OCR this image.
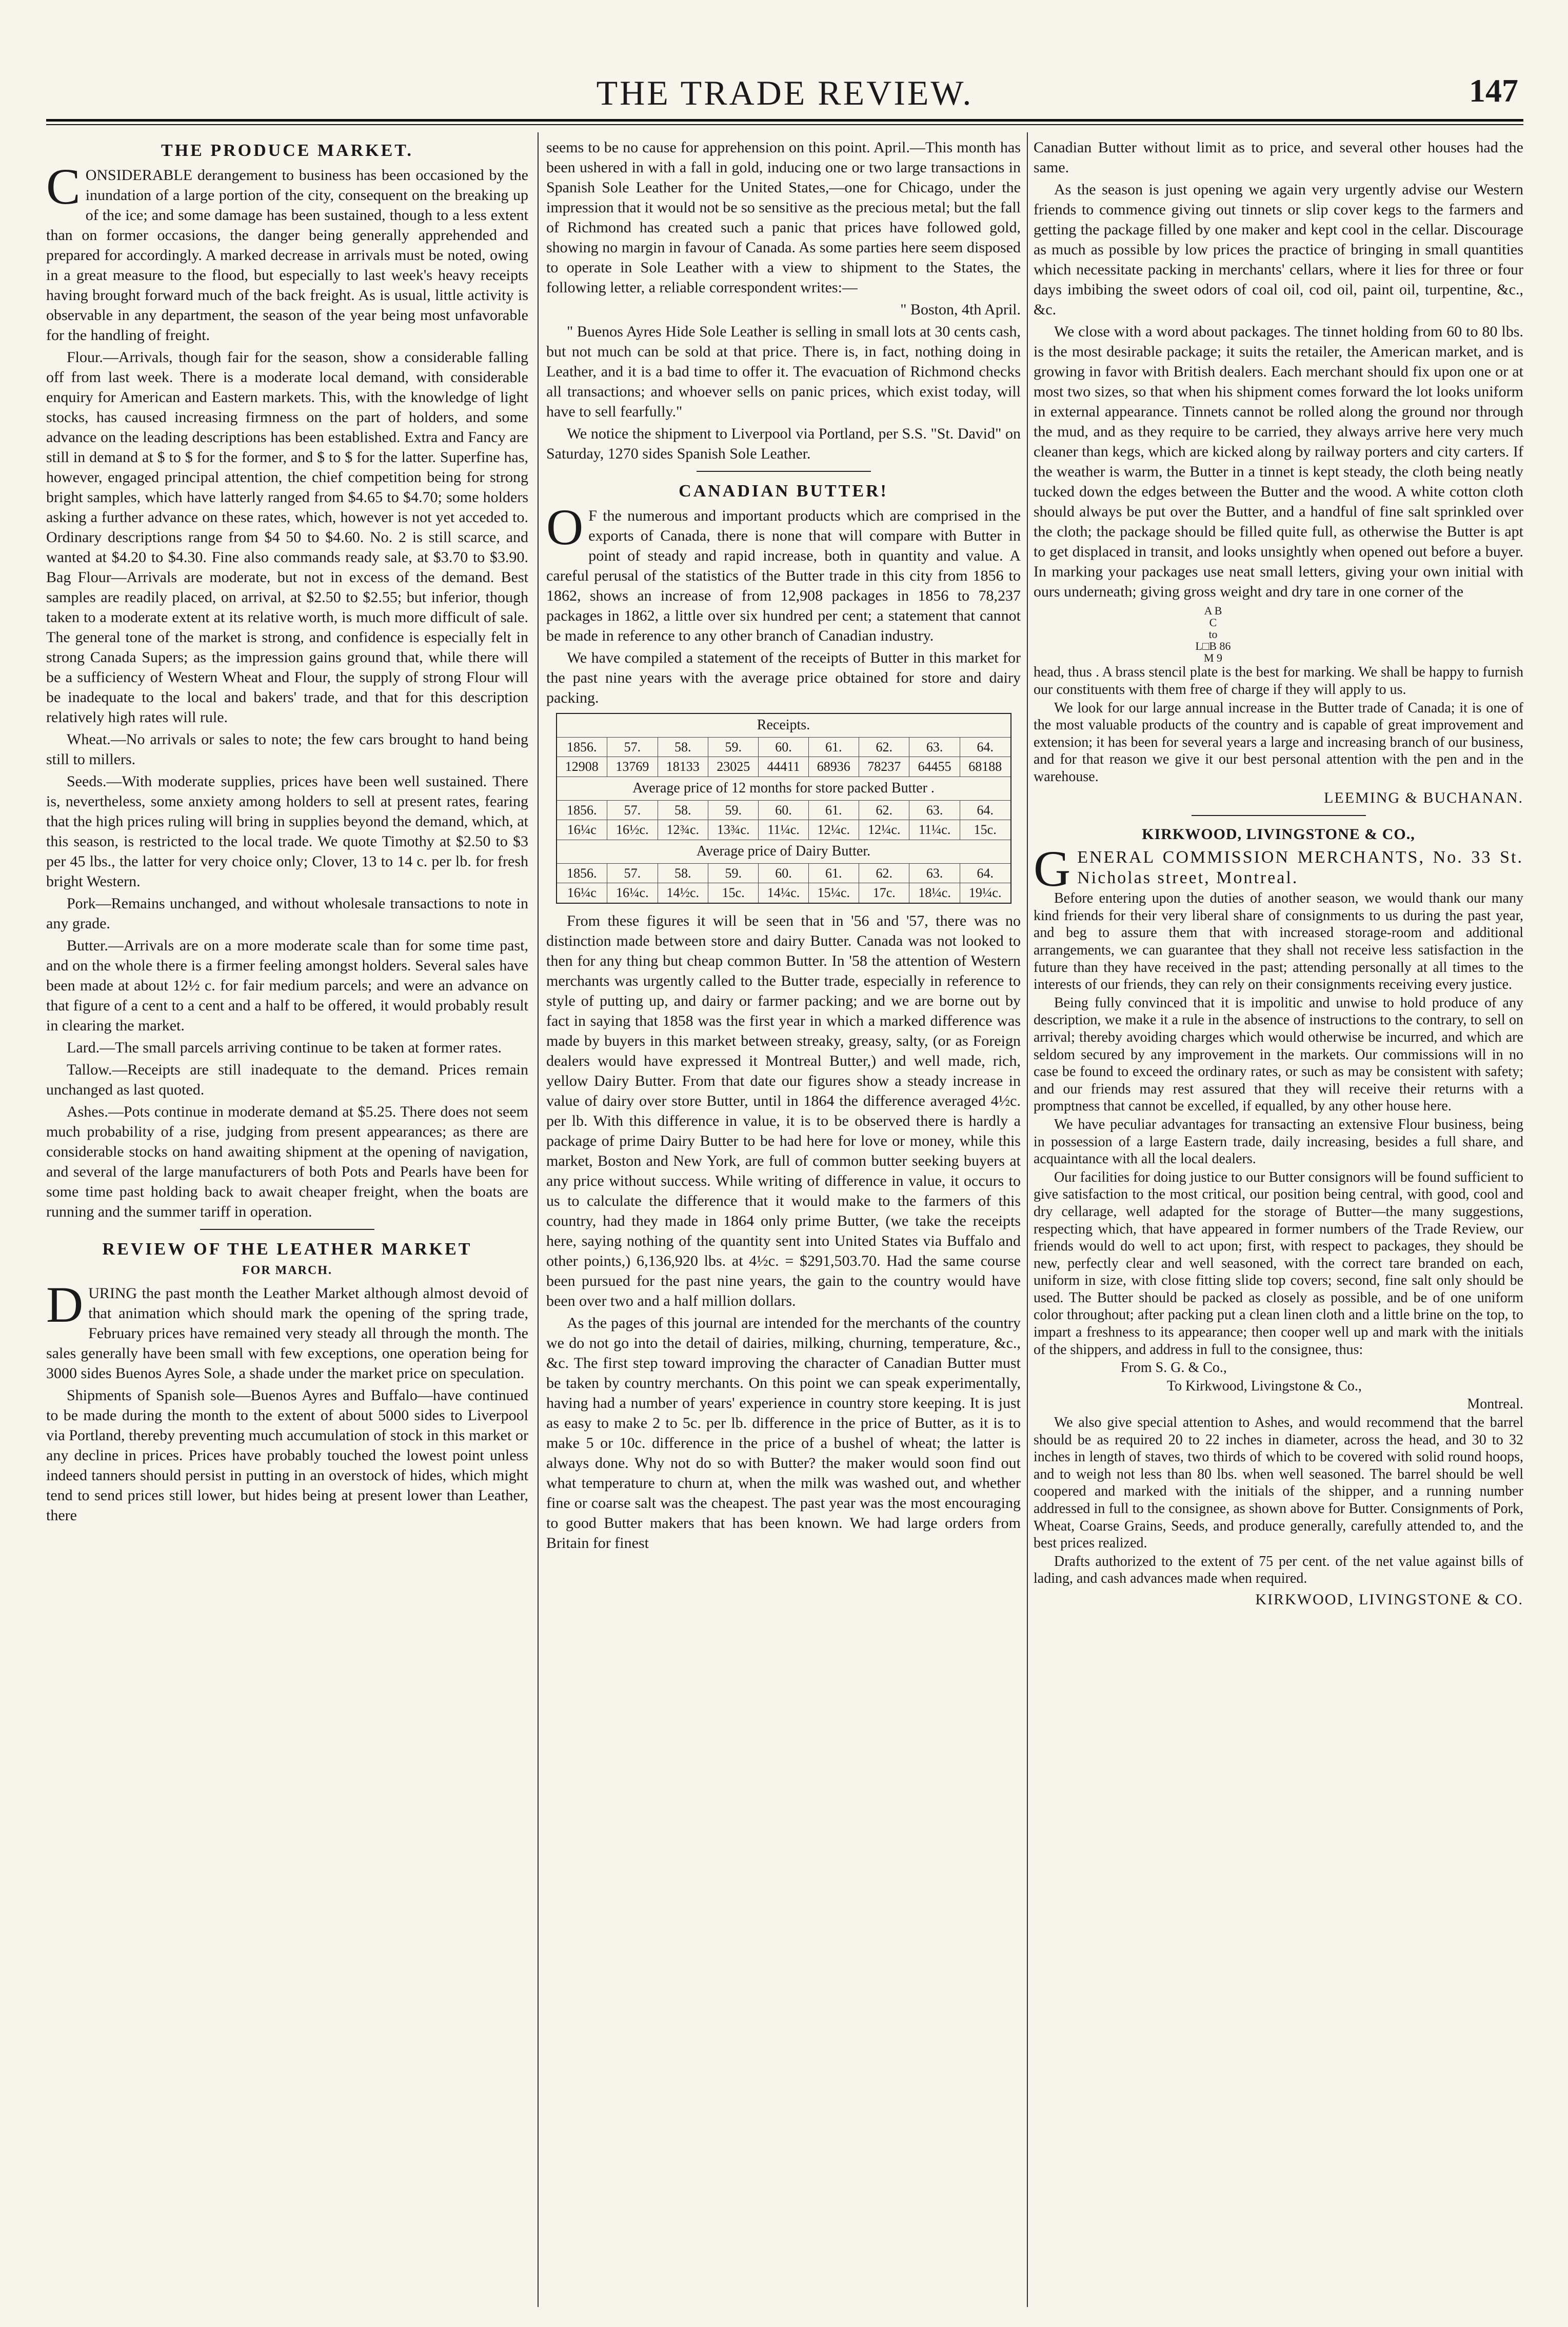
THE TRADE REVIEW.	147
THE PRODUCE MARKET.

CONSIDERABLE derangement to business has been occasioned by the inundation of a large portion of the city, consequent on the breaking up of the ice; and some damage has been sustained, though to a less extent than on former occasions, the danger being generally apprehended and prepared for accordingly. A marked decrease in arrivals must be noted, owing in a great measure to the flood, but especially to last week's heavy receipts having brought forward much of the back freight. As is usual, little activity is observable in any department, the season of the year being most unfavorable for the handling of freight.

Flour.—Arrivals, though fair for the season, show a considerable falling off from last week. There is a moderate local demand, with considerable enquiry for American and Eastern markets. This, with the knowledge of light stocks, has caused increasing firmness on the part of holders, and some advance on the leading descriptions has been established. Extra and Fancy are still in demand at $ to $ for the former, and $ to $ for the latter. Superfine has, however, engaged principal attention, the chief competition being for strong bright samples, which have latterly ranged from $4.65 to $4.70; some holders asking a further advance on these rates, which, however is not yet acceded to. Ordinary descriptions range from $4 50 to $4.60. No. 2 is still scarce, and wanted at $4.20 to $4.30. Fine also commands ready sale, at $3.70 to $3.90. Bag Flour—Arrivals are moderate, but not in excess of the demand. Best samples are readily placed, on arrival, at $2.50 to $2.55; but inferior, though taken to a moderate extent at its relative worth, is much more difficult of sale. The general tone of the market is strong, and confidence is especially felt in strong Canada Supers; as the impression gains ground that, while there will be a sufficiency of Western Wheat and Flour, the supply of strong Flour will be inadequate to the local and bakers' trade, and that for this description relatively high rates will rule.

Wheat.—No arrivals or sales to note; the few cars brought to hand being still to millers.

Seeds.—With moderate supplies, prices have been well sustained. There is, nevertheless, some anxiety among holders to sell at present rates, fearing that the high prices ruling will bring in supplies beyond the demand, which, at this season, is restricted to the local trade. We quote Timothy at $2.50 to $3 per 45 lbs., the latter for very choice only; Clover, 13 to 14 c. per lb. for fresh bright Western.

Pork—Remains unchanged, and without wholesale transactions to note in any grade.

Butter.—Arrivals are on a more moderate scale than for some time past, and on the whole there is a firmer feeling amongst holders. Several sales have been made at about 12½ c. for fair medium parcels; and were an advance on that figure of a cent to a cent and a half to be offered, it would probably result in clearing the market.

Lard.—The small parcels arriving continue to be taken at former rates.

Tallow.—Receipts are still inadequate to the demand. Prices remain unchanged as last quoted.

Ashes.—Pots continue in moderate demand at $5.25. There does not seem much probability of a rise, judging from present appearances; as there are considerable stocks on hand awaiting shipment at the opening of navigation, and several of the large manufacturers of both Pots and Pearls have been for some time past holding back to await cheaper freight, when the boats are running and the summer tariff in operation.

REVIEW OF THE LEATHER MARKET
FOR MARCH.

DURING the past month the Leather Market although almost devoid of that animation which should mark the opening of the spring trade, February prices have remained very steady all through the month. The sales generally have been small with few exceptions, one operation being for 3000 sides Buenos Ayres Sole, a shade under the market price on speculation.

Shipments of Spanish sole—Buenos Ayres and Buffalo—have continued to be made during the month to the extent of about 5000 sides to Liverpool via Portland, thereby preventing much accumulation of stock in this market or any decline in prices. Prices have probably touched the lowest point unless indeed tanners should persist in putting in an overstock of hides, which might tend to send prices still lower, but hides being at present lower than Leather, there

seems to be no cause for apprehension on this point. April.—This month has been ushered in with a fall in gold, inducing one or two large transactions in Spanish Sole Leather for the United States,—one for Chicago, under the impression that it would not be so sensitive as the precious metal; but the fall of Richmond has created such a panic that prices have followed gold, showing no margin in favour of Canada. As some parties here seem disposed to operate in Sole Leather with a view to shipment to the States, the following letter, a reliable correspondent writes:—

" Boston, 4th April.

" Buenos Ayres Hide Sole Leather is selling in small lots at 30 cents cash, but not much can be sold at that price. There is, in fact, nothing doing in Leather, and it is a bad time to offer it. The evacuation of Richmond checks all transactions; and whoever sells on panic prices, which exist today, will have to sell fearfully."

We notice the shipment to Liverpool via Portland, per S.S. "St. David" on Saturday, 1270 sides Spanish Sole Leather.

CANADIAN BUTTER!

O F the numerous and important products which are comprised in the exports of Canada, there is none that will compare with Butter in point of steady and rapid increase, both in quantity and value. A careful perusal of the statistics of the Butter trade in this city from 1856 to 1862, shows an increase of from 12,908 packages in 1856 to 78,237 packages in 1862, a little over six hundred per cent; a statement that cannot be made in reference to any other branch of Canadian industry.

We have compiled a statement of the receipts of Butter in this market for the past nine years with the average price obtained for store and dairy packing.

Receipts.								
1856.	57.	58.	59.	60.	61.	62.	63.	64.
12908	13769	18133	23025	44411	68936	78237	64455	68188
Average price of 12 months for store packed Butter .								
1856.	57.	58.	59.	60.	61.	62.	63.	64.
16¼c	16½c.	12¾c.	13¾c.	11¼c.	12¼c.	12¼c.	11¼c.	15c.
Average price of Dairy Butter.								
1856.	57.	58.	59.	60.	61.	62.	63.	64.
16¼c	16¼c.	14½c.	15c.	14¼c.	15¼c.	17c.	18¼c.	19¼c.

From these figures it will be seen that in '56 and '57, there was no distinction made between store and dairy Butter. Canada was not looked to then for any thing but cheap common Butter. In '58 the attention of Western merchants was urgently called to the Butter trade, especially in reference to style of putting up, and dairy or farmer packing; and we are borne out by fact in saying that 1858 was the first year in which a marked difference was made by buyers in this market between streaky, greasy, salty, (or as Foreign dealers would have expressed it Montreal Butter,) and well made, rich, yellow Dairy Butter. From that date our figures show a steady increase in value of dairy over store Butter, until in 1864 the difference averaged 4½c. per lb. With this difference in value, it is to be observed there is hardly a package of prime Dairy Butter to be had here for love or money, while this market, Boston and New York, are full of common butter seeking buyers at any price without success. While writing of difference in value, it occurs to us to calculate the difference that it would make to the farmers of this country, had they made in 1864 only prime Butter, (we take the receipts here, saying nothing of the quantity sent into United States via Buffalo and other points,) 6,136,920 lbs. at 4½c. = $291,503.70. Had the same course been pursued for the past nine years, the gain to the country would have been over two and a half million dollars.

As the pages of this journal are intended for the merchants of the country we do not go into the detail of dairies, milking, churning, temperature, &c., &c. The first step toward improving the character of Canadian Butter must be taken by country merchants. On this point we can speak experimentally, having had a number of years' experience in country store keeping. It is just as easy to make 2 to 5c. per lb. difference in the price of Butter, as it is to make 5 or 10c. difference in the price of a bushel of wheat; the latter is always done. Why not do so with Butter? the maker would soon find out what temperature to churn at, when the milk was washed out, and whether fine or coarse salt was the cheapest. The past year was the most encouraging to good Butter makers that has been known. We had large orders from Britain for finest

Canadian Butter without limit as to price, and several other houses had the same.

As the season is just opening we again very urgently advise our Western friends to commence giving out tinnets or slip cover kegs to the farmers and getting the package filled by one maker and kept cool in the cellar. Discourage as much as possible by low prices the practice of bringing in small quantities which necessitate packing in merchants' cellars, where it lies for three or four days imbibing the sweet odors of coal oil, cod oil, paint oil, turpentine, &c., &c.

We close with a word about packages. The tinnet holding from 60 to 80 lbs. is the most desirable package; it suits the retailer, the American market, and is growing in favor with British dealers. Each merchant should fix upon one or at most two sizes, so that when his shipment comes forward the lot looks uniform in external appearance. Tinnets cannot be rolled along the ground nor through the mud, and as they require to be carried, they always arrive here very much cleaner than kegs, which are kicked along by railway porters and city carters. If the weather is warm, the Butter in a tinnet is kept steady, the cloth being neatly tucked down the edges between the Butter and the wood. A white cotton cloth should always be put over the Butter, and a handful of fine salt sprinkled over the cloth; the package should be filled quite full, as otherwise the Butter is apt to get displaced in transit, and looks unsightly when opened out before a buyer. In marking your packages use neat small letters, giving your own initial with ours underneath; giving gross weight and dry tare in one corner of the

A B
C
to
L□B 86
M 9

head, thus . A brass stencil plate is the best for marking. We shall be happy to furnish our constituents with them free of charge if they will apply to us.

We look for our large annual increase in the Butter trade of Canada; it is one of the most valuable products of the country and is capable of great improvement and extension; it has been for several years a large and increasing branch of our business, and for that reason we give it our best personal attention with the pen and in the warehouse.

LEEMING & BUCHANAN.
KIRKWOOD, LIVINGSTONE & CO.,

GENERAL COMMISSION MERCHANTS, No. 33 St. Nicholas street, Montreal.

Before entering upon the duties of another season, we would thank our many kind friends for their very liberal share of consignments to us during the past year, and beg to assure them that with increased storage-room and additional arrangements, we can guarantee that they shall not receive less satisfaction in the future than they have received in the past; attending personally at all times to the interests of our friends, they can rely on their consignments receiving every justice.

Being fully convinced that it is impolitic and unwise to hold produce of any description, we make it a rule in the absence of instructions to the contrary, to sell on arrival; thereby avoiding charges which would otherwise be incurred, and which are seldom secured by any improvement in the markets. Our commissions will in no case be found to exceed the ordinary rates, or such as may be consistent with safety; and our friends may rest assured that they will receive their returns with a promptness that cannot be excelled, if equalled, by any other house here.

We have peculiar advantages for transacting an extensive Flour business, being in possession of a large Eastern trade, daily increasing, besides a full share, and acquaintance with all the local dealers.

Our facilities for doing justice to our Butter consignors will be found sufficient to give satisfaction to the most critical, our position being central, with good, cool and dry cellarage, well adapted for the storage of Butter—the many suggestions, respecting which, that have appeared in former numbers of the Trade Review, our friends would do well to act upon; first, with respect to packages, they should be new, perfectly clear and well seasoned, with the correct tare branded on each, uniform in size, with close fitting slide top covers; second, fine salt only should be used. The Butter should be packed as closely as possible, and be of one uniform color throughout; after packing put a clean linen cloth and a little brine on the top, to impart a freshness to its appearance; then cooper well up and mark with the initials of the shippers, and address in full to the consignee, thus:

From S. G. & Co.,

To Kirkwood, Livingstone & Co.,

Montreal.

We also give special attention to Ashes, and would recommend that the barrel should be as required 20 to 22 inches in diameter, across the head, and 30 to 32 inches in length of staves, two thirds of which to be covered with solid round hoops, and to weigh not less than 80 lbs. when well seasoned. The barrel should be well coopered and marked with the initials of the shipper, and a running number addressed in full to the consignee, as shown above for Butter. Consignments of Pork, Wheat, Coarse Grains, Seeds, and produce generally, carefully attended to, and the best prices realized.

Drafts authorized to the extent of 75 per cent. of the net value against bills of lading, and cash advances made when required.

KIRKWOOD, LIVINGSTONE & CO.
